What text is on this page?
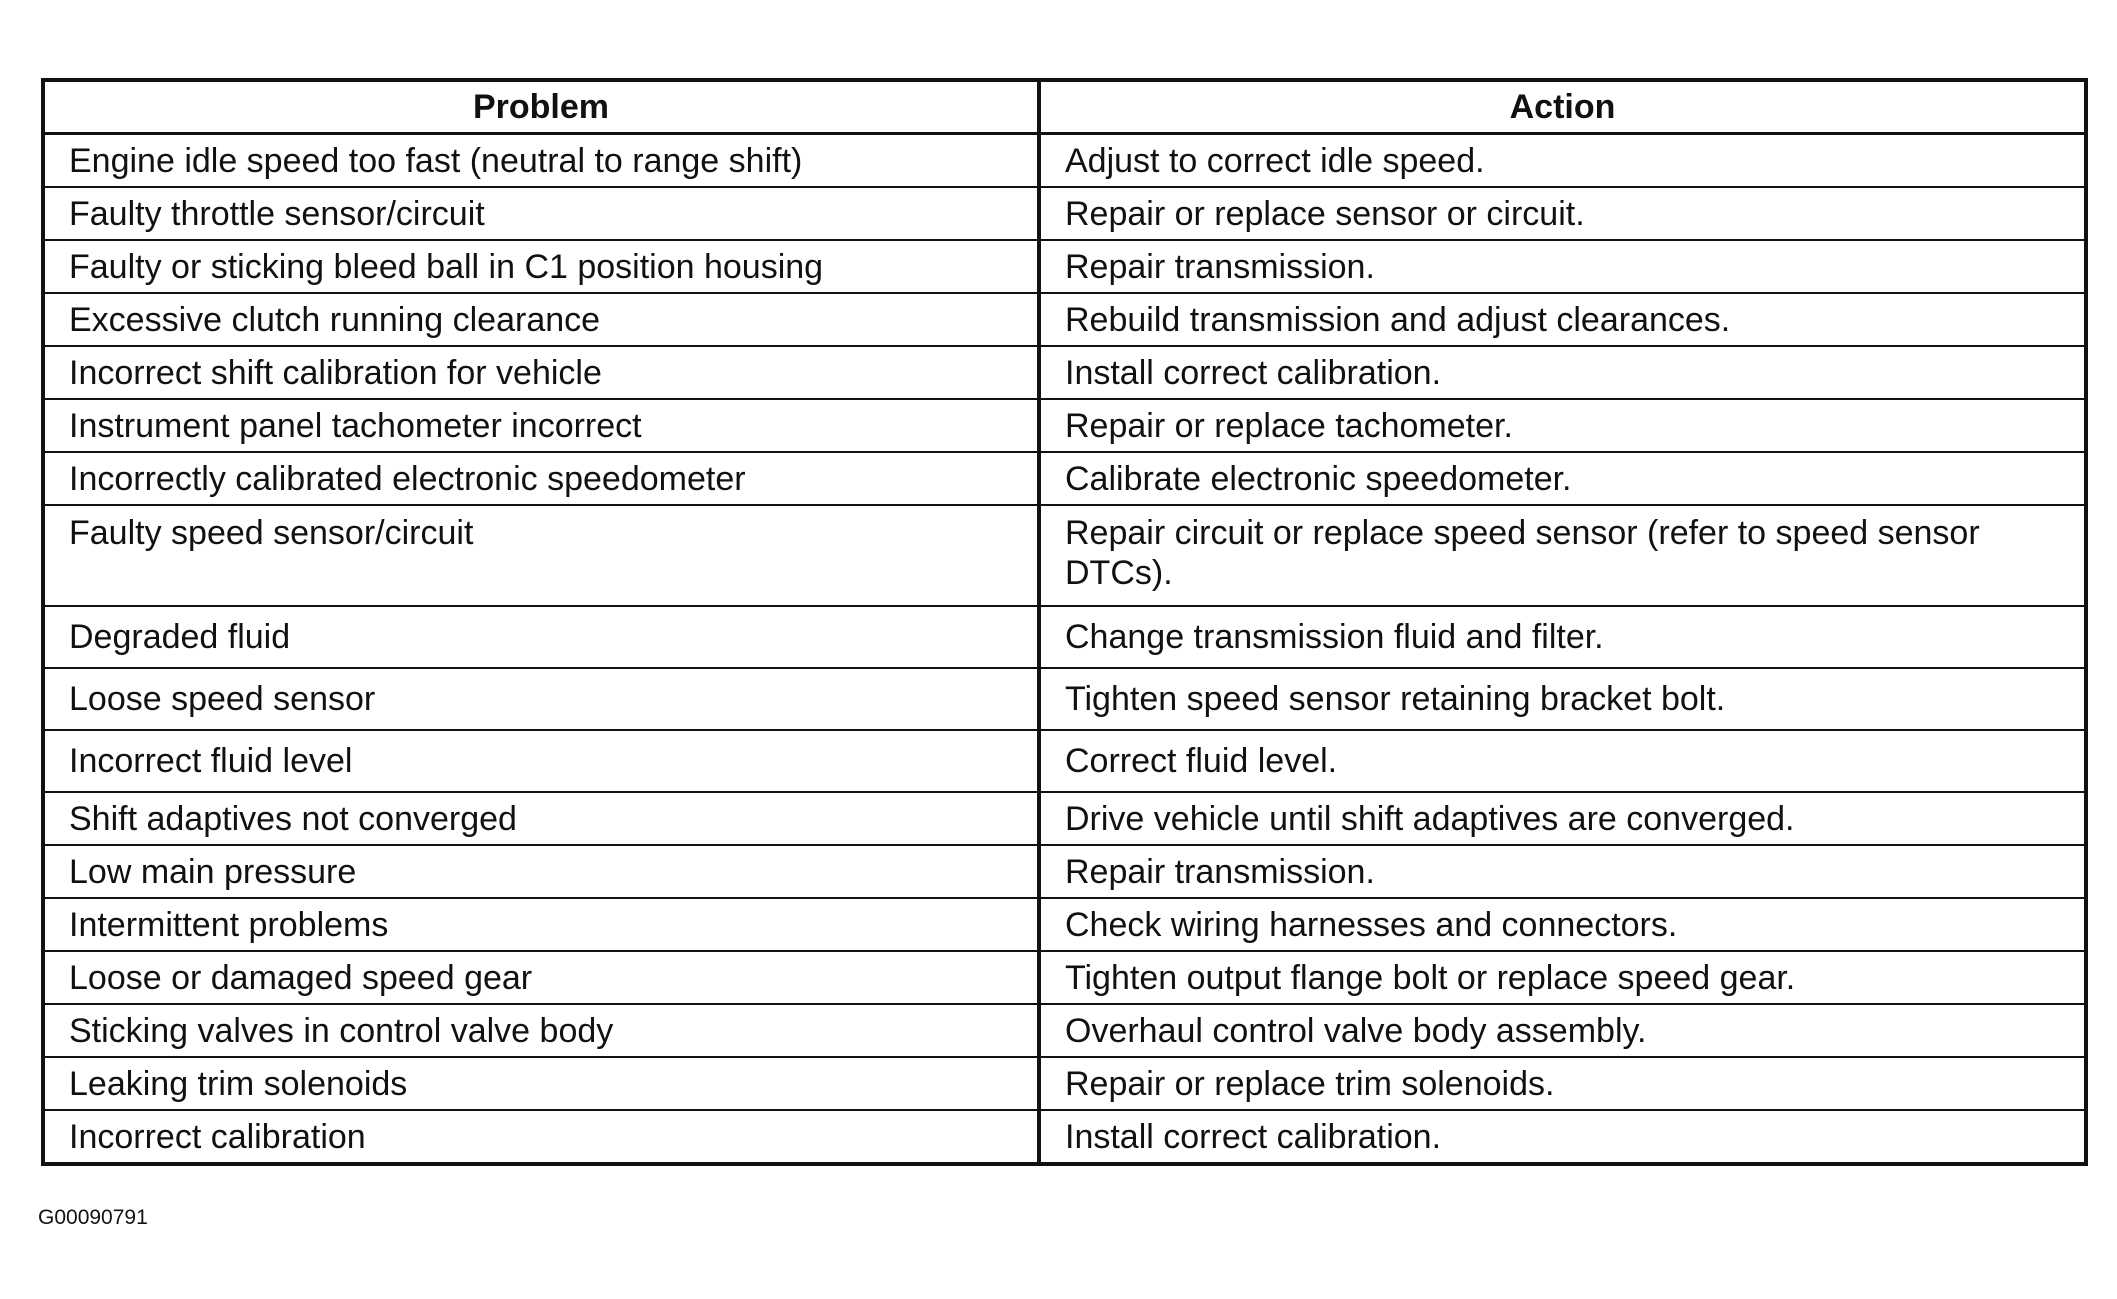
Problem	Action
Engine idle speed too fast (neutral to range shift)	Adjust to correct idle speed.
Faulty throttle sensor/circuit	Repair or replace sensor or circuit.
Faulty or sticking bleed ball in C1 position housing	Repair transmission.
Excessive clutch running clearance	Rebuild transmission and adjust clearances.
Incorrect shift calibration for vehicle	Install correct calibration.
Instrument panel tachometer incorrect	Repair or replace tachometer.
Incorrectly calibrated electronic speedometer	Calibrate electronic speedometer.
Faulty speed sensor/circuit	Repair circuit or replace speed sensor (refer to speed sensor DTCs).
Degraded fluid	Change transmission fluid and filter.
Loose speed sensor	Tighten speed sensor retaining bracket bolt.
Incorrect fluid level	Correct fluid level.
Shift adaptives not converged	Drive vehicle until shift adaptives are converged.
Low main pressure	Repair transmission.
Intermittent problems	Check wiring harnesses and connectors.
Loose or damaged speed gear	Tighten output flange bolt or replace speed gear.
Sticking valves in control valve body	Overhaul control valve body assembly.
Leaking trim solenoids	Repair or replace trim solenoids.
Incorrect calibration	Install correct calibration.
G00090791
